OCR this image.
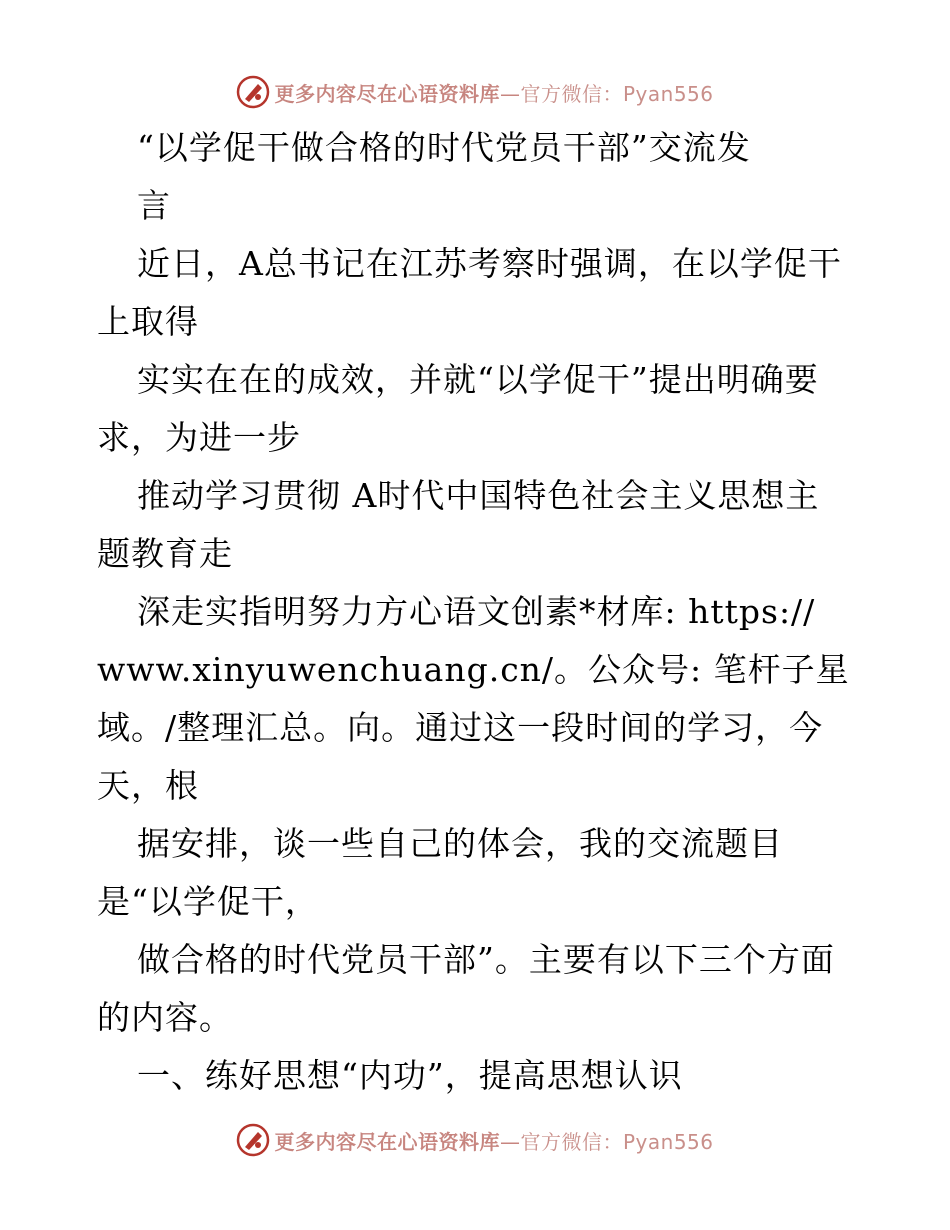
更多内容尽在心语资料库—官方微信：Pyan556
“以学促干做合格的时代党员干部”交流发
言
近日，A总书记在江苏考察时强调，在以学促干
上取得
实实在在的成效，并就“以学促干”提出明确要
求，为进一步
推动学习贯彻 A时代中国特色社会主义思想主
题教育走
深走实指明努力方心语文创素*材库: https://
www.xinyuwenchuang.cn/。公众号: 笔杆子星
域。/整理汇总。向。通过这一段时间的学习，今
天，根
据安排，谈一些自己的体会，我的交流题目
是“以学促干，
做合格的时代党员干部”。主要有以下三个方面
的内容。
一、练好思想“内功”，提高思想认识
更多内容尽在心语资料库—官方微信：Pyan556
